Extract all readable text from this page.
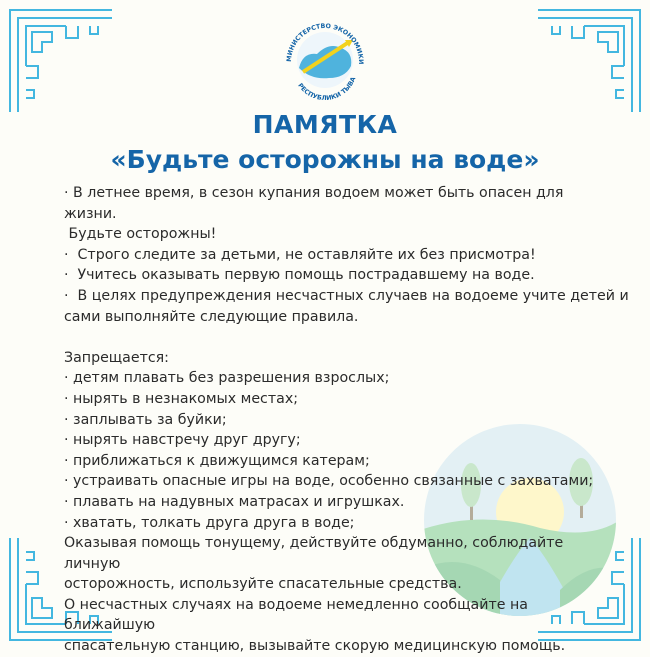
МИНИСТЕРСТВО ЭКОНОМИКИ
РЕСПУБЛИКИ ТЫВА
ПАМЯТКА
«Будьте осторожны на воде»

· В летнее время, в сезон купания водоем может быть опасен для жизни.

Будьте осторожны!

·  Строго следите за детьми, не оставляйте их без присмотра!

·  Учитесь оказывать первую помощь пострадавшему на воде.

·  В целях предупреждения несчастных случаев на водоеме учите детей и

сами выполняйте следующие правила.

Запрещается:

· детям плавать без разрешения взрослых;

· нырять в незнакомых местах;

· заплывать за буйки;

· нырять навстречу друг другу;

· приближаться к движущимся катерам;

· устраивать опасные игры на воде, особенно связанные с захватами;

· плавать на надувных матрасах и игрушках.

· хватать, толкать друга друга в воде;

Оказывая помощь тонущему, действуйте обдуманно, соблюдайте личную

осторожность, используйте спасательные средства.

О несчастных случаях на водоеме немедленно сообщайте на ближайшую

спасательную станцию, вызывайте скорую медицинскую помощь.
